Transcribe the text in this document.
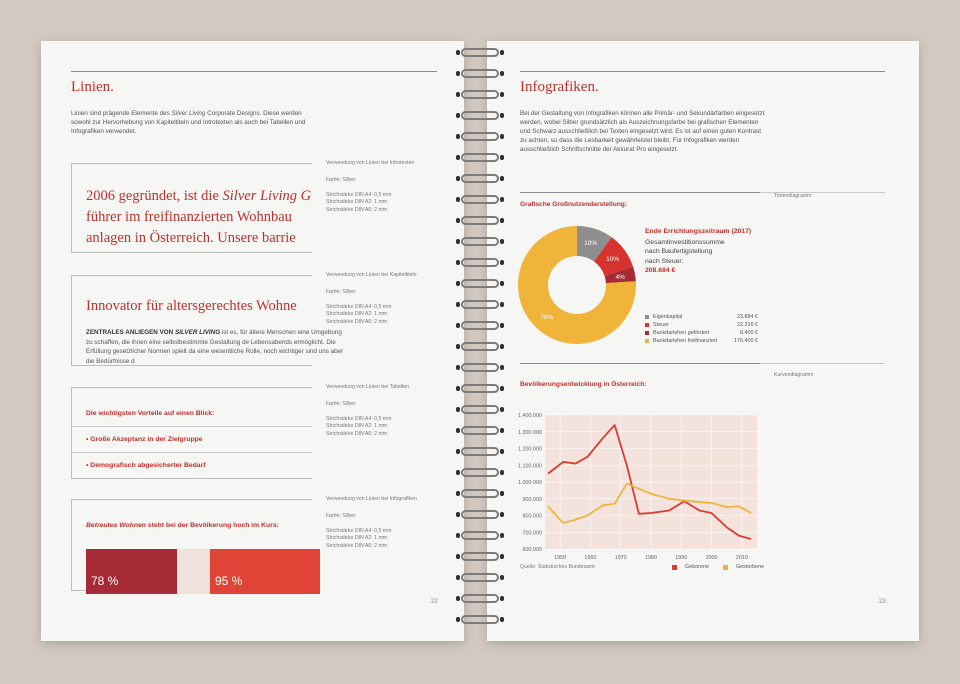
Linien.
Linien sind prägende Elemente des Silver Living Corporate Designs. Diese werden sowohl zur Hervorhebung von Kapiteltiteln und Introtexten als auch bei Tabellen und Infografiken verwendet.
2006 gegründet, ist die Silver Living G
führer im freifinanzierten Wohnbau
anlagen in Österreich. Unsere barrie
Verwendung von Linien bei Introtexten
Farbe: Silber
Strichstärke DIN A4: 0,5 mm
Strichstärke DIN A2: 1 mm
Strichstärke DIN A0: 2 mm
Innovator für altersgerechtes Wohne
ZENTRALES ANLIEGEN VON SILVER LIVING ist es, für ältere Menschen eine Umgebung zu schaffen, die ihnen eine selbstbestimmte Gestaltung de Lebensabends ermöglicht. Die Erfüllung gesetzlicher Normen spielt da eine wesentliche Rolle, noch wichtiger sind uns aber die Bedürfnisse d
Verwendung von Linien bei Kapiteltiteln
Farbe: Silber
Strichstärke DIN A4: 0,5 mm
Strichstärke DIN A2: 1 mm
Strichstärke DIN A0: 2 mm
Die wichtigsten Vorteile auf einen Blick:
• Große Akzeptanz in der Zielgruppe
• Demografisch abgesicherter Bedarf
Verwendung von Linien bei Tabellen
Farbe: Silber
Strichstärke DIN A4: 0,5 mm
Strichstärke DIN A2: 1 mm
Strichstärke DIN A0: 2 mm
Betreutes Wohnen steht bei der Bevölkerung hoch im Kurs:
78 %	95 %
Verwendung von Linien bei Infografiken
Farbe: Silber
Strichstärke DIN A4: 0,5 mm
Strichstärke DIN A2: 1 mm
Strichstärke DIN A0: 2 mm
22
Infografiken.
Bei der Gestaltung von Infografiken können alle Primär- und Sekundärfarben eingesetzt werden, wobei Silber grundsätzlich als Auszeichnungsfarbe bei grafischen Elementen und Schwarz ausschließlich bei Texten eingesetzt wird. Es ist auf einen guten Kontrast zu achten, so dass die Lesbarkeit gewährleistet bleibt. Für Infografiken werden ausschließlich Schriftschnitte der Akkurat Pro eingesetzt.
Tortendiagramm
Grafische Großnutzendarstellung:
10%
10%
4%
76%
Ende Errichtungszeitraum (2017)
Gesamtinvestitionssumme
nach Baufertigstellung
nach Steuer:
208.684 €
Eigenkapital	23.884 €
Steuer	22.316 €
Bankdarlehen gefördert	8.400 €
Bankdarlehen freifinanziert	176.400 €
Kurvendiagramm
Bevölkerungsentwicklung in Österreich:
1.400.000
1.300.000
1.200.000
1.100.000
1.000.000
900.000
800.000
700.000
600.000
1950	1960	1970	1980	1990	2000	2010
Quelle: Statistisches Bundesamt	Geborene	Gestorbene
23
